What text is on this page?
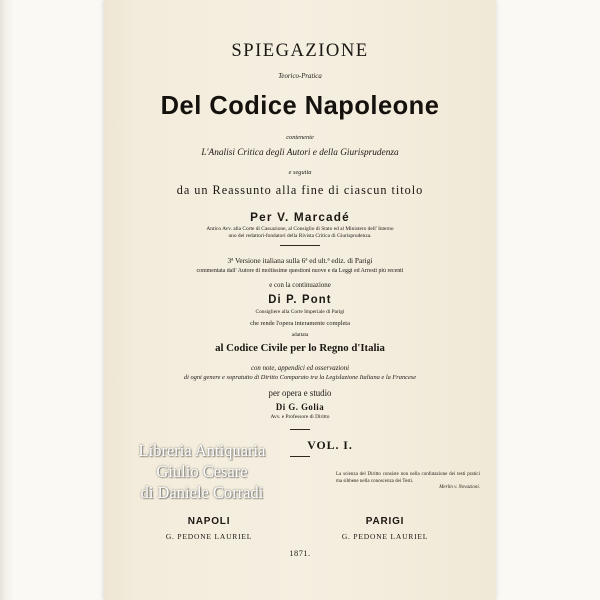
SPIEGAZIONE
Teorico-Pratica
Del Codice Napoleone
contenente
L'Analisi Critica degli Autori e della Giurisprudenza
e seguita
da un Reassunto alla fine di ciascun titolo
Per V. Marcadé
Antico Avv. alla Corte di Cassazione, al Consiglio di Stato ed al Ministero dell' Interno
uno dei redattori-fondatori della Rivista Critica di Giurisprudenza.
3ª Versione italiana sulla 6ª ed ult.ª ediz. di Parigi
commentata dall' Autore di moltissime questioni nuove e da Leggi ed Arresti più recenti
e con la continuazione
Di P. Pont
Consigliere alla Corte Imperiale di Parigi
che rende l'opera interamente completa
adattata
al Codice Civile per lo Regno d'Italia
con note, appendici ed osservazioni
di ogni genere e sopratutto di Diritto Comparato tra la Legislazione Italiana e la Francese
per opera e studio
Di G. Golia
Avv. e Professore di Diritto
VOL. I.
La scienza del Diritto consiste non nella confutazione dei testi pratici ma sibbene nella conoscenza dei Testi.
Merlin v. Novazioni.
NAPOLI
G. PEDONE LAURIEL
PARIGI
G. PEDONE LAURIEL
1871.
Libreria Antiquaria
Giulio Cesare
di Daniele Corradi
